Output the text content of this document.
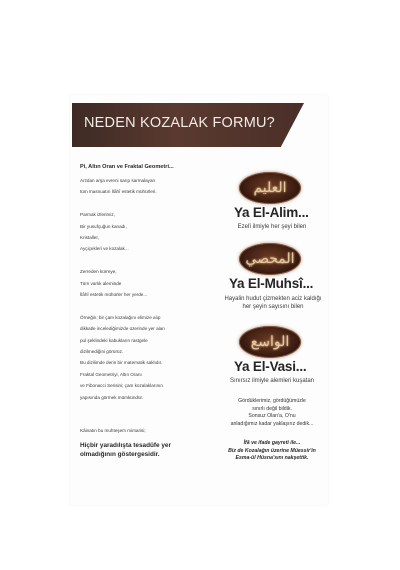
NEDEN KOZALAK FORMU?
Pi, Altın Oran ve Fraktal Geometri...
Arzdan arşa evreni sarıp sarmalayan
tüm masnuatın İlâhî estetik mühürleri.
Parmak izlerimiz,
Bir yusufçuğun kanadı,
Kristaller,
Ayçiçekleri ve kozalak...
Zerreden kürreye,
Tüm varlık aleminde
İlâhî estetik mühürler her yerde...
Örneğin; bir çam kozalağını elimize alıp
dikkatle incelediğimizde üzerinde yer alan
pul şeklindeki kabukların rastgele
dizilmediğini görürüz.
Bu dizilimde derin bir matematik saklıdır.
Fraktal Geometriyi, Altın Oranı
ve Fibonacci Serisini; çam kozalaklarının
yapısında görmek mümkündür.
Kâinatın bu muhteşem mimarisi;
Hiçbir yaradılışta tesadüfe yer olmadığının göstergesidir.
العليم
Ya El-Alim...
Ezelî ilmiyle her şeyi bilen
المحصي
Ya El-Muhsî...
Hayalin hudut çizmekten aciz kaldığı
her şeyin sayısını bilen
الواسع
Ya El-Vasi...
Sınırsız ilmiyle alemleri kuşatan
Gördüklerimiz, gördüğümüzle
sınırlı değil bildik.
Sonsuz Olan'a, O'nu
anladığımız kadar yaklaşırız dedik...
İfâ ve ifade gayreti ile...
Biz de Kozalağın üzerine Müessir'in
Esma-ül Hüsna'sını nakşettik.
